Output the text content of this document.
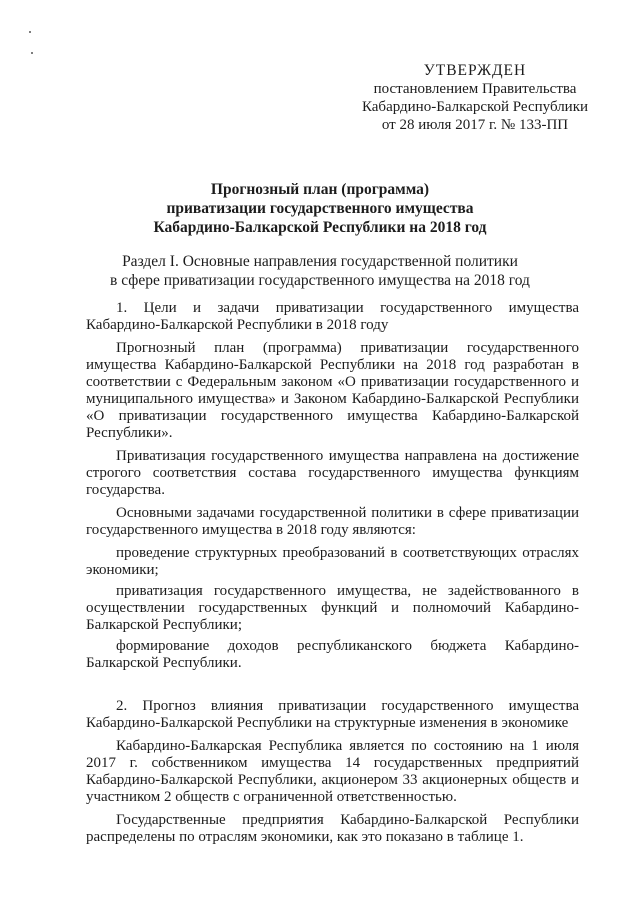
УТВЕРЖДЕН
постановлением Правительства
Кабардино-Балкарской Республики
от 28 июля 2017 г. № 133-ПП
Прогнозный план (программа)
приватизации государственного имущества
Кабардино-Балкарской Республики на 2018 год
Раздел I. Основные направления государственной политики
в сфере приватизации государственного имущества на 2018 год

1. Цели и задачи приватизации государственного имущества Кабардино-Балкарской Республики в 2018 году

Прогнозный план (программа) приватизации государственного имущества Кабардино-Балкарской Республики на 2018 год разработан в соответствии с Федеральным законом «О приватизации государственного и муниципального имущества» и Законом Кабардино-Балкарской Республики «О приватизации государственного имущества Кабардино-Балкарской Республики».

Приватизация государственного имущества направлена на достижение строгого соответствия состава государственного имущества функциям государства.

Основными задачами государственной политики в сфере приватизации государственного имущества в 2018 году являются:

проведение структурных преобразований в соответствующих отраслях экономики;

приватизация государственного имущества, не задействованного в осуществлении государственных функций и полномочий Кабардино-Балкарской Республики;

формирование доходов республиканского бюджета Кабардино-Балкарской Республики.

2. Прогноз влияния приватизации государственного имущества Кабардино-Балкарской Республики на структурные изменения в экономике

Кабардино-Балкарская Республика является по состоянию на 1 июля 2017 г. собственником имущества 14 государственных предприятий Кабардино-Балкарской Республики, акционером 33 акционерных обществ и участником 2 обществ с ограниченной ответственностью.

Государственные предприятия Кабардино-Балкарской Республики распределены по отраслям экономики, как это показано в таблице 1.
